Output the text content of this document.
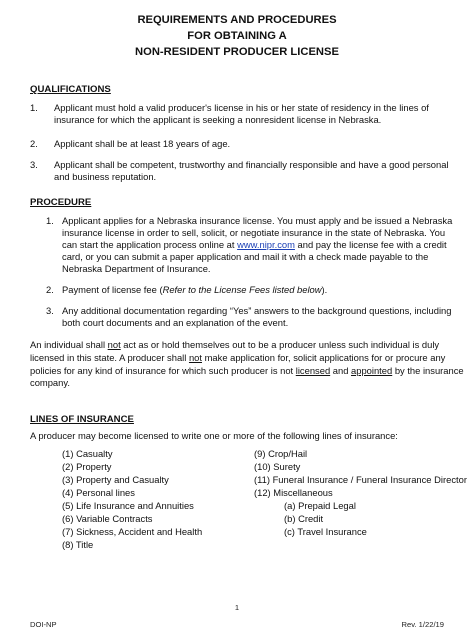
REQUIREMENTS AND PROCEDURES
FOR OBTAINING A
NON-RESIDENT PRODUCER LICENSE
QUALIFICATIONS
1. Applicant must hold a valid producer's license in his or her state of residency in the lines of
insurance for which the applicant is seeking a nonresident license in Nebraska.
2. Applicant shall be at least 18 years of age.
3. Applicant shall be competent, trustworthy and financially responsible and have a good personal
and business reputation.
PROCEDURE
1. Applicant applies for a Nebraska insurance license. You must apply and be issued a Nebraska
insurance license in order to sell, solicit, or negotiate insurance in the state of Nebraska. You
can start the application process online at www.nipr.com and pay the license fee with a credit
card, or you can submit a paper application and mail it with a check made payable to the
Nebraska Department of Insurance.
2. Payment of license fee (Refer to the License Fees listed below).
3. Any additional documentation regarding “Yes” answers to the background questions, including
both court documents and an explanation of the event.
An individual shall not act as or hold themselves out to be a producer unless such individual is duly
licensed in this state. A producer shall not make application for, solicit applications for or procure any
policies for any kind of insurance for which such producer is not licensed and appointed by the insurance
company.
LINES OF INSURANCE
A producer may become licensed to write one or more of the following lines of insurance:
(1) Casualty
(2) Property
(3) Property and Casualty
(4) Personal lines
(5) Life Insurance and Annuities
(6) Variable Contracts
(7) Sickness, Accident and Health
(8) Title
(9) Crop/Hail
(10) Surety
(11) Funeral Insurance / Funeral Insurance Director
(12) Miscellaneous
(a) Prepaid Legal
(b) Credit
(c) Travel Insurance
1
DOI-NP	Rev. 1/22/19
